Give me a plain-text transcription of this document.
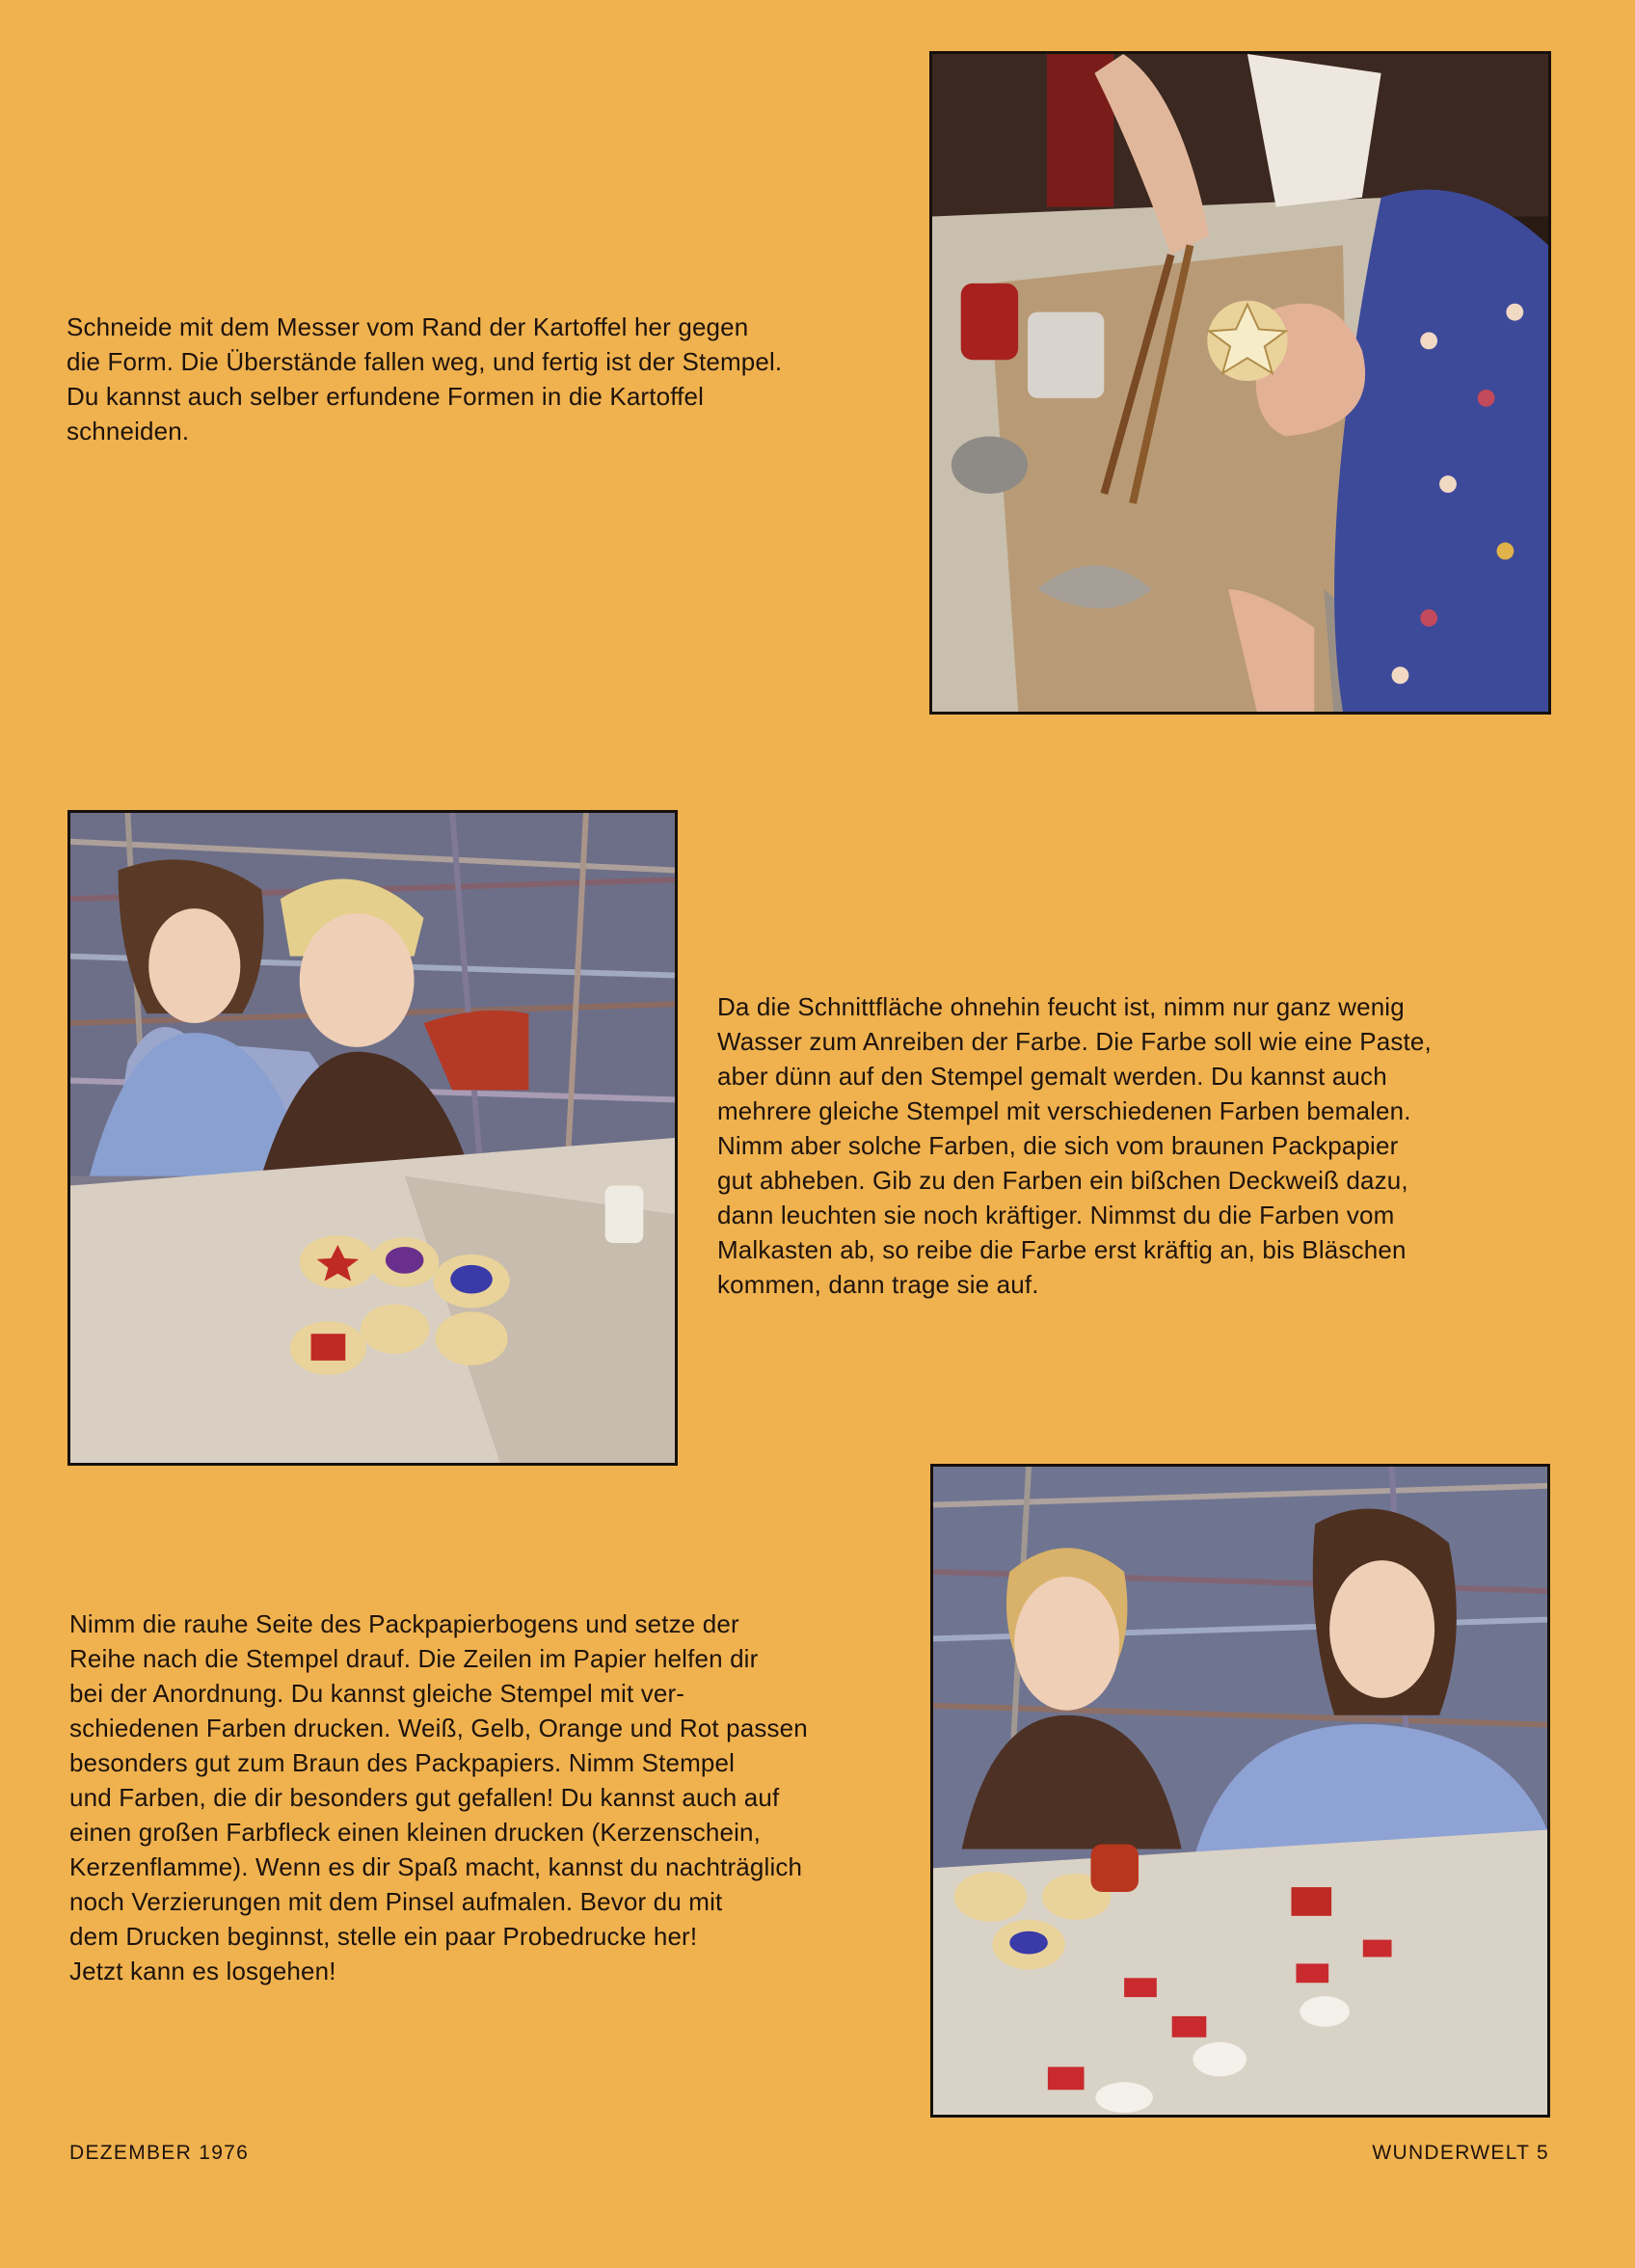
Schneide mit dem Messer vom Rand der Kartoffel her gegen
die Form. Die Überstände fallen weg, und fertig ist der Stempel.
Du kannst auch selber erfundene Formen in die Kartoffel
schneiden.
Da die Schnittfläche ohnehin feucht ist, nimm nur ganz wenig
Wasser zum Anreiben der Farbe. Die Farbe soll wie eine Paste,
aber dünn auf den Stempel gemalt werden. Du kannst auch
mehrere gleiche Stempel mit verschiedenen Farben bemalen.
Nimm aber solche Farben, die sich vom braunen Packpapier
gut abheben. Gib zu den Farben ein bißchen Deckweiß dazu,
dann leuchten sie noch kräftiger. Nimmst du die Farben vom
Malkasten ab, so reibe die Farbe erst kräftig an, bis Bläschen
kommen, dann trage sie auf.
Nimm die rauhe Seite des Packpapierbogens und setze der
Reihe nach die Stempel drauf. Die Zeilen im Papier helfen dir
bei der Anordnung. Du kannst gleiche Stempel mit ver-
schiedenen Farben drucken. Weiß, Gelb, Orange und Rot passen
besonders gut zum Braun des Packpapiers. Nimm Stempel
und Farben, die dir besonders gut gefallen! Du kannst auch auf
einen großen Farbfleck einen kleinen drucken (Kerzenschein,
Kerzenflamme). Wenn es dir Spaß macht, kannst du nachträglich
noch Verzierungen mit dem Pinsel aufmalen. Bevor du mit
dem Drucken beginnst, stelle ein paar Probedrucke her!
Jetzt kann es losgehen!
DEZEMBER 1976	WUNDERWELT 5
